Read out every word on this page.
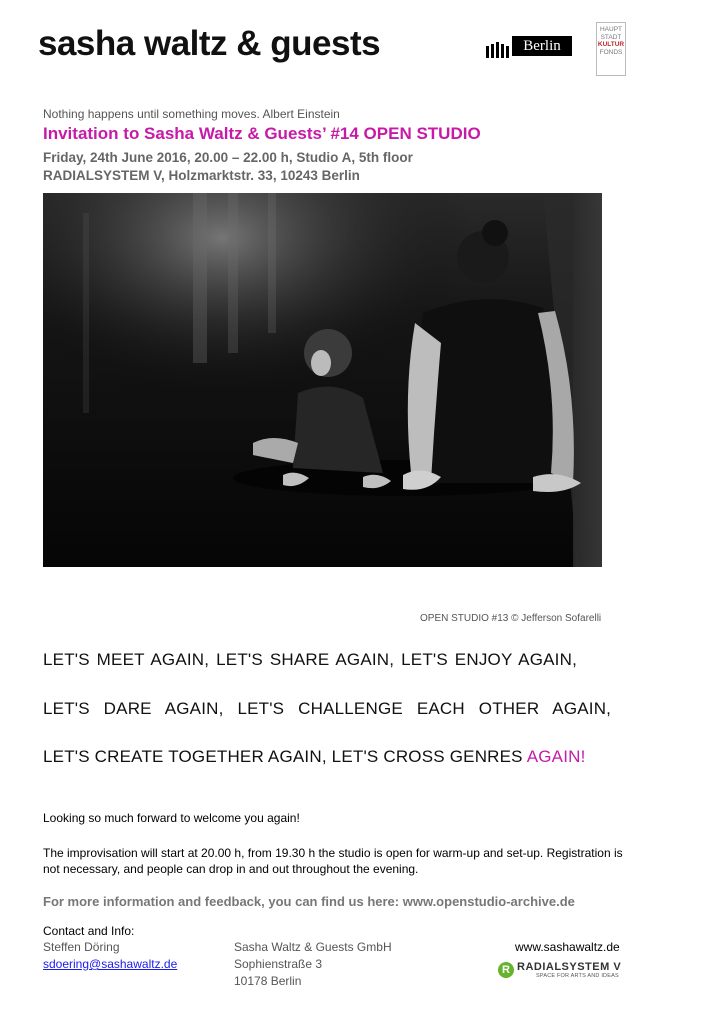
sasha waltz & guests	Berlin
HAUPT
STADT
KULTUR
FONDS
Nothing happens until something moves. Albert Einstein
Invitation to Sasha Waltz & Guests’ #14 OPEN STUDIO
Friday, 24th June 2016, 20.00 – 22.00 h, Studio A, 5th floor
RADIALSYSTEM V, Holzmarktstr. 33, 10243 Berlin
OPEN STUDIO #13 © Jefferson Sofarelli
LET'S MEET AGAIN, LET'S SHARE AGAIN, LET'S ENJOY AGAIN,
LET'S DARE AGAIN, LET'S CHALLENGE EACH OTHER AGAIN,
LET'S CREATE TOGETHER AGAIN, LET'S CROSS GENRES AGAIN!
Looking so much forward to welcome you again!
The improvisation will start at 20.00 h, from 19.30 h the studio is open for warm-up and set-up. Registration is not necessary, and people can drop in and out throughout the evening.
For more information and feedback, you can find us here: www.openstudio-archive.de
Contact and Info:
Steffen Döring
sdoering@sashawaltz.de
Sasha Waltz & Guests GmbH
Sophienstraße 3
10178 Berlin
www.sashawaltz.de
R RADIALSYSTEM V
SPACE FOR ARTS AND IDEAS
